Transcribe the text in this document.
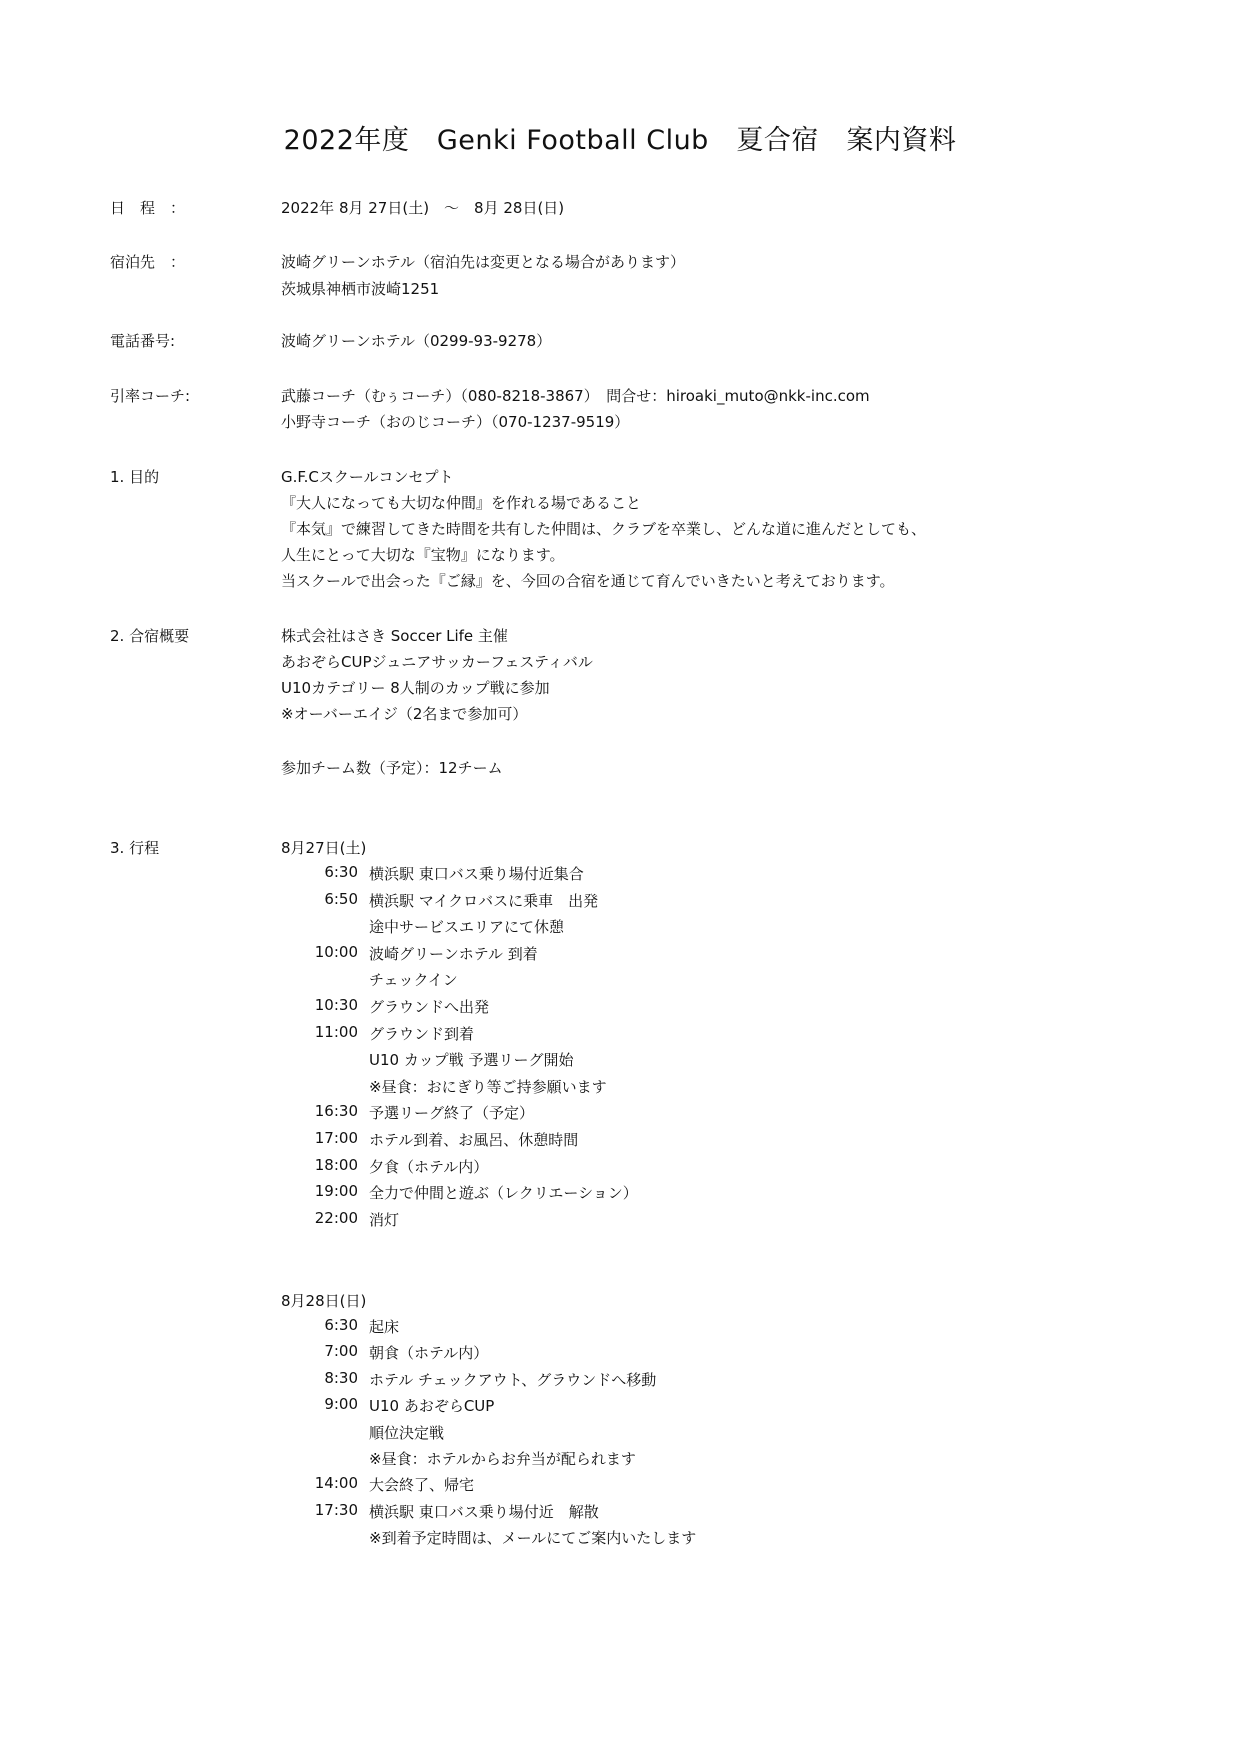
2022年度　Genki Football Club　夏合宿　案内資料
日　程　：	2022年 8月 27日(土)　～　8月 28日(日)
宿泊先　：	波崎グリーンホテル（宿泊先は変更となる場合があります）
茨城県神栖市波崎1251
電話番号:	波崎グリーンホテル（0299-93-9278）
引率コーチ:	武藤コーチ（むぅコーチ）（080-8218-3867）　問合せ：hiroaki_muto@nkk-inc.com
小野寺コーチ（おのじコーチ）（070-1237-9519）
1. 目的	G.F.Cスクールコンセプト
『大人になっても大切な仲間』を作れる場であること
『本気』で練習してきた時間を共有した仲間は、クラブを卒業し、どんな道に進んだとしても、
人生にとって大切な『宝物』になります。
当スクールで出会った『ご縁』を、今回の合宿を通じて育んでいきたいと考えております。
2. 合宿概要	株式会社はさき Soccer Life 主催
あおぞらCUPジュニアサッカーフェスティバル
U10カテゴリー 8人制のカップ戦に参加
※オーバーエイジ（2名まで参加可）
参加チーム数（予定）：12チーム
3. 行程	8月27日(土)
6:30 横浜駅 東口バス乗り場付近集合
6:50 横浜駅 マイクロバスに乗車　出発
途中サービスエリアにて休憩
10:00 波崎グリーンホテル 到着
チェックイン
10:30 グラウンドへ出発
11:00 グラウンド到着
U10 カップ戦 予選リーグ開始
※昼食：おにぎり等ご持参願います
16:30 予選リーグ終了（予定）
17:00 ホテル到着、お風呂、休憩時間
18:00 夕食（ホテル内）
19:00 全力で仲間と遊ぶ（レクリエーション）
22:00 消灯
8月28日(日)
6:30 起床
7:00 朝食（ホテル内）
8:30 ホテル チェックアウト、グラウンドへ移動
9:00 U10 あおぞらCUP
順位決定戦
※昼食：ホテルからお弁当が配られます
14:00 大会終了、帰宅
17:30 横浜駅 東口バス乗り場付近　解散
※到着予定時間は、メールにてご案内いたします
